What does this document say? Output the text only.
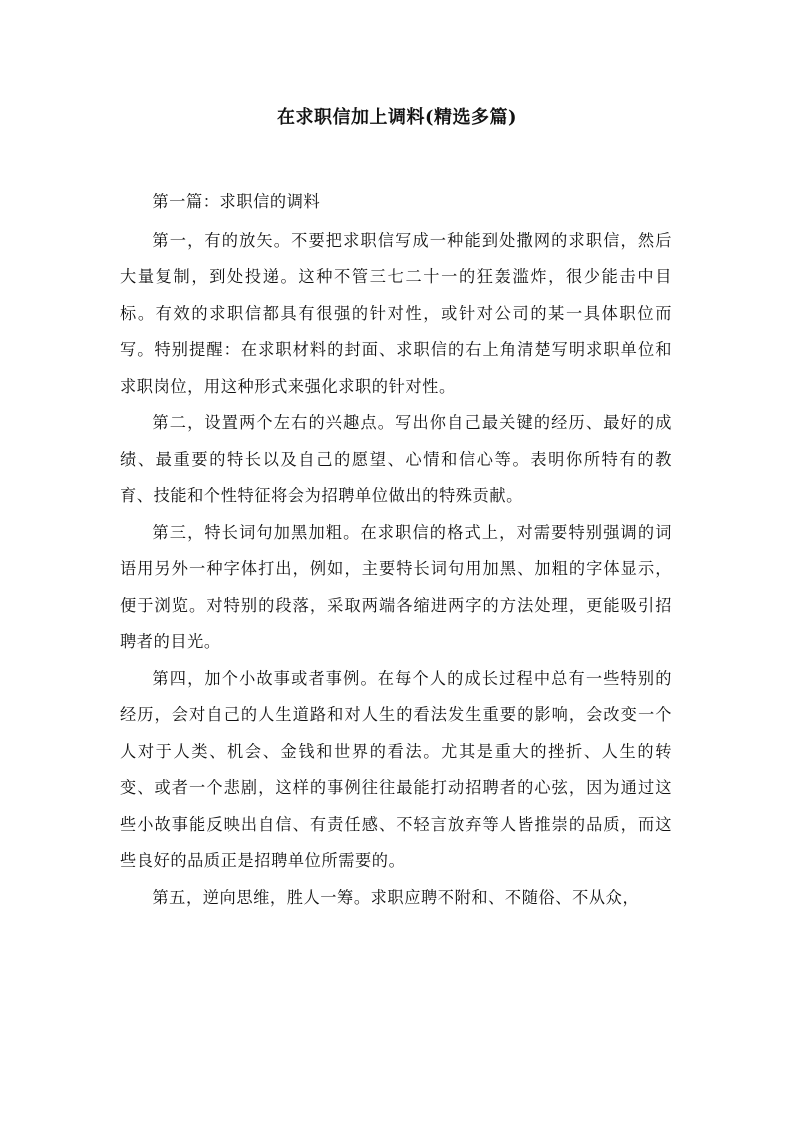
在求职信加上调料(精选多篇)

第一篇：求职信的调料

第一，有的放矢。不要把求职信写成一种能到处撒网的求职信，然后大量复制，到处投递。这种不管三七二十一的狂轰滥炸，很少能击中目标。有效的求职信都具有很强的针对性，或针对公司的某一具体职位而写。特别提醒：在求职材料的封面、求职信的右上角清楚写明求职单位和求职岗位，用这种形式来强化求职的针对性。

第二，设置两个左右的兴趣点。写出你自己最关键的经历、最好的成绩、最重要的特长以及自己的愿望、心情和信心等。表明你所特有的教育、技能和个性特征将会为招聘单位做出的特殊贡献。

第三，特长词句加黑加粗。在求职信的格式上，对需要特别强调的词语用另外一种字体打出，例如，主要特长词句用加黑、加粗的字体显示，便于浏览。对特别的段落，采取两端各缩进两字的方法处理，更能吸引招聘者的目光。

第四，加个小故事或者事例。在每个人的成长过程中总有一些特别的经历，会对自己的人生道路和对人生的看法发生重要的影响，会改变一个人对于人类、机会、金钱和世界的看法。尤其是重大的挫折、人生的转变、或者一个悲剧，这样的事例往往最能打动招聘者的心弦，因为通过这些小故事能反映出自信、有责任感、不轻言放弃等人皆推崇的品质，而这些良好的品质正是招聘单位所需要的。

第五，逆向思维，胜人一筹。求职应聘不附和、不随俗、不从众，
